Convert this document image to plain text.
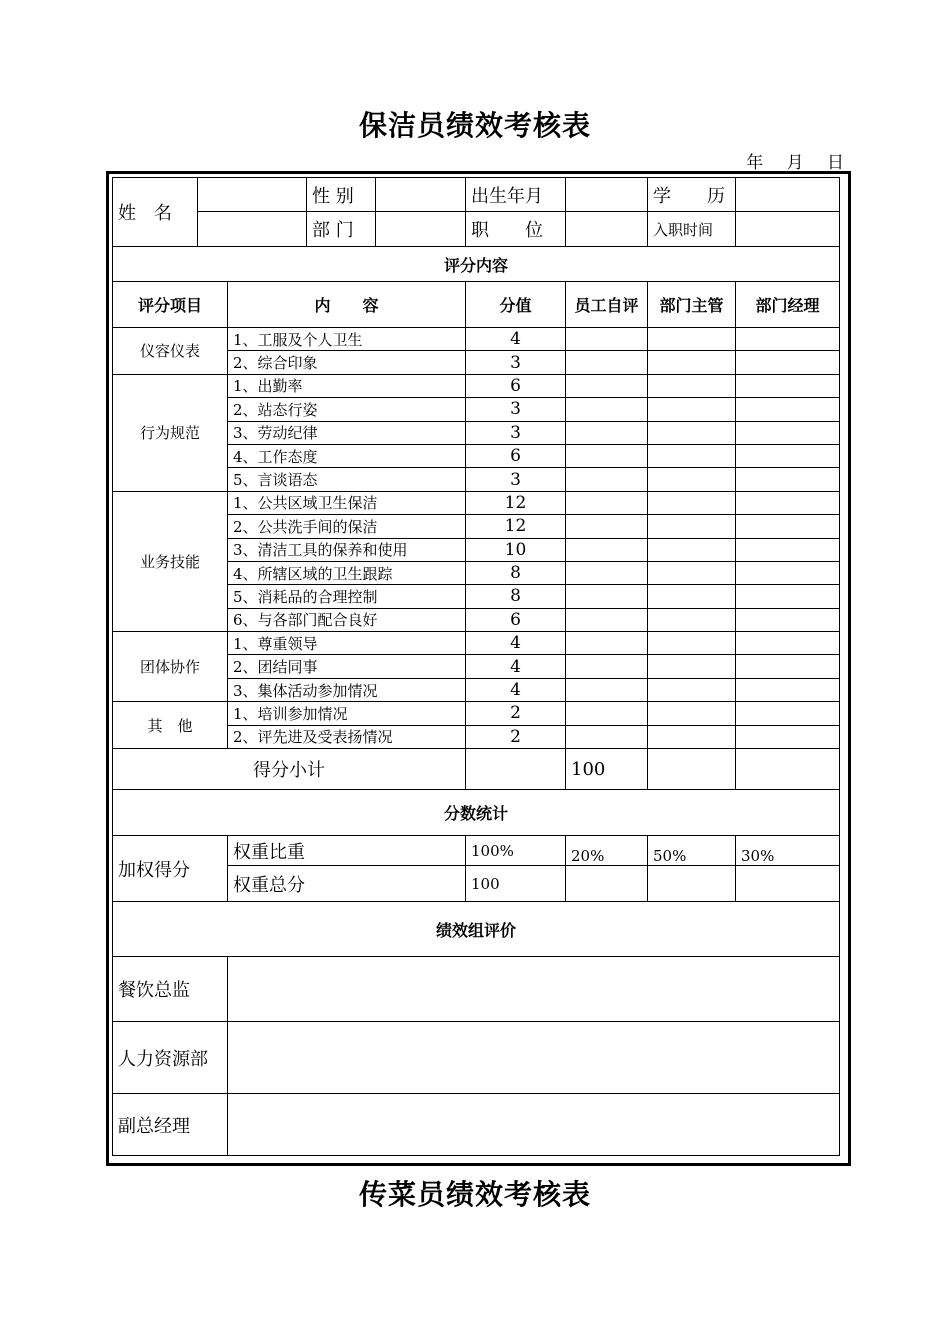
保洁员绩效考核表
年 月 日
姓　名			性 别		出生年月		学　　历	
			部 门		职　　位		入职时间	
评分内容								
评分项目		内　　容			分值	员工自评	部门主管	部门经理
仪容仪表		1、工服及个人卫生			4			
		2、综合印象			3			
行为规范		1、出勤率			6			
		2、站态行姿			3			
		3、劳动纪律			3			
		4、工作态度			6			
		5、言谈语态			3			
业务技能		1、公共区域卫生保洁			12			
		2、公共洗手间的保洁			12			
		3、清洁工具的保养和使用			10			
		4、所辖区域的卫生跟踪			8			
		5、消耗品的合理控制			8			
		6、与各部门配合良好			6			
团体协作		1、尊重领导			4			
		2、团结同事			4			
		3、集体活动参加情况			4			
其　他		1、培训参加情况			2			
		2、评先进及受表扬情况			2			
得分小计						100		
分数统计								
加权得分		权重比重			100%	20%	50%	30%
		权重总分			100			
绩效组评价								
餐饮总监								
人力资源部								
副总经理								
传菜员绩效考核表
